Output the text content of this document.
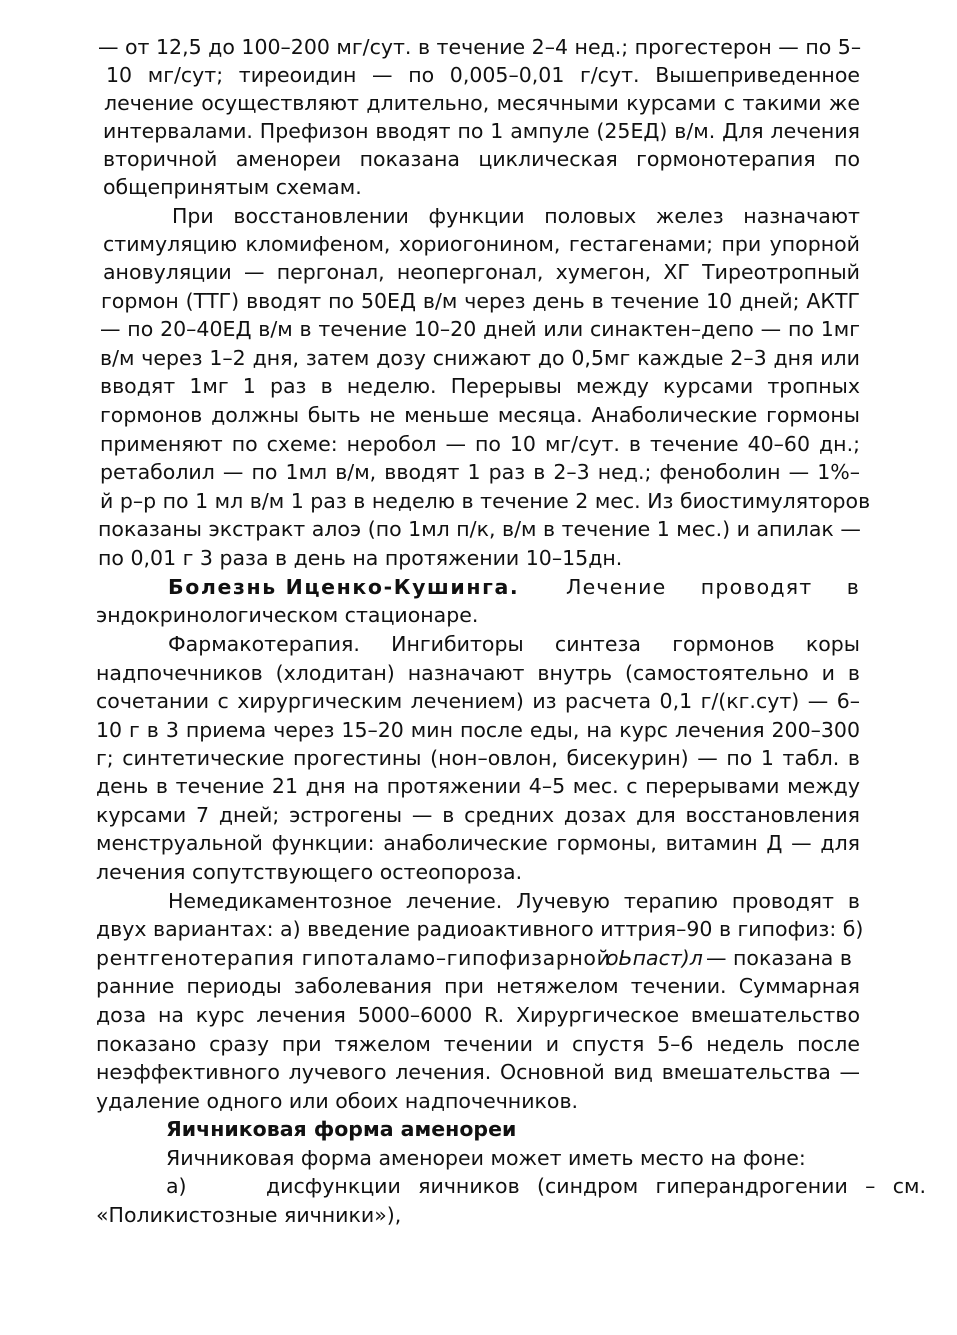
— от 12,5 до 100–200 мг/сут. в течение 2–4 нед.; прогестерон — по 5–
10 мг/сут; тиреоидин — по 0,005–0,01 г/сут. Вышеприведенное
лечение осуществляют длительно, месячными курсами с такими же
интервалами. Префизон вводят по 1 ампуле (25ЕД) в/м. Для лечения
вторичной аменореи показана циклическая гормонотерапия по
общепринятым схемам.
При восстановлении функции половых желез назначают
стимуляцию кломифеном, хориогонином, гестагенами; при упорной
ановуляции — пергонал, неопергонал, хумегон, ХГ Тиреотропный
гормон (ТТГ) вводят по 50ЕД в/м через день в течение 10 дней; АКТГ
— по 20–40ЕД в/м в течение 10–20 дней или синактен–депо — по 1мг
в/м через 1–2 дня, затем дозу снижают до 0,5мг каждые 2–3 дня или
вводят 1мг 1 раз в неделю. Перерывы между курсами тропных
гормонов должны быть не меньше месяца. Анаболические гормоны
применяют по схеме: неробол — по 10 мг/сут. в течение 40–60 дн.;
ретаболил — по 1мл в/м, вводят 1 раз в 2–3 нед.; феноболин — 1%–
й р–р по 1 мл в/м 1 раз в неделю в течение 2 мес. Из биостимуляторов
показаны экстракт алоэ (по 1мл п/к, в/м в течение 1 мес.) и апилак —
по 0,01 г 3 раза в день на протяжении 10–15дн.
Болезнь Иценко-Кушинга. Лечение проводят в
эндокринологическом стационаре.
Фармакотерапия. Ингибиторы синтеза гормонов коры
надпочечников (хлодитан) назначают внутрь (самостоятельно и в
сочетании с хирургическим лечением) из расчета 0,1 г/(кг.сут) — 6–
10 г в 3 приема через 15–20 мин после еды, на курс лечения 200–300
г; синтетические прогестины (нон–овлон, бисекурин) — по 1 табл. в
день в течение 21 дня на протяжении 4–5 мес. с перерывами между
курсами 7 дней; эстрогены — в средних дозах для восстановления
менструальной функции: анаболические гормоны, витамин Д — для
лечения сопутствующего остеопороза.
Немедикаментозное лечение. Лучевую терапию проводят в
двух вариантах: а) введение радиоактивного иттрия–90 в гипофиз: б)
рентгенотерапия гипоталамо–гипофизарной
оЬпаст)л — показана в
ранние периоды заболевания при нетяжелом течении. Суммарная
доза на курс лечения 5000–6000 R. Хирургическое вмешательство
показано сразу при тяжелом течении и спустя 5–6 недель после
неэффективного лучевого лечения. Основной вид вмешательства —
удаление одного или обоих надпочечников.
Яичниковая форма аменореи
Яичниковая форма аменореи может иметь место на фоне:
а)	дисфункции яичников (синдром гиперандрогении – см.
«Поликистозные яичники»),
